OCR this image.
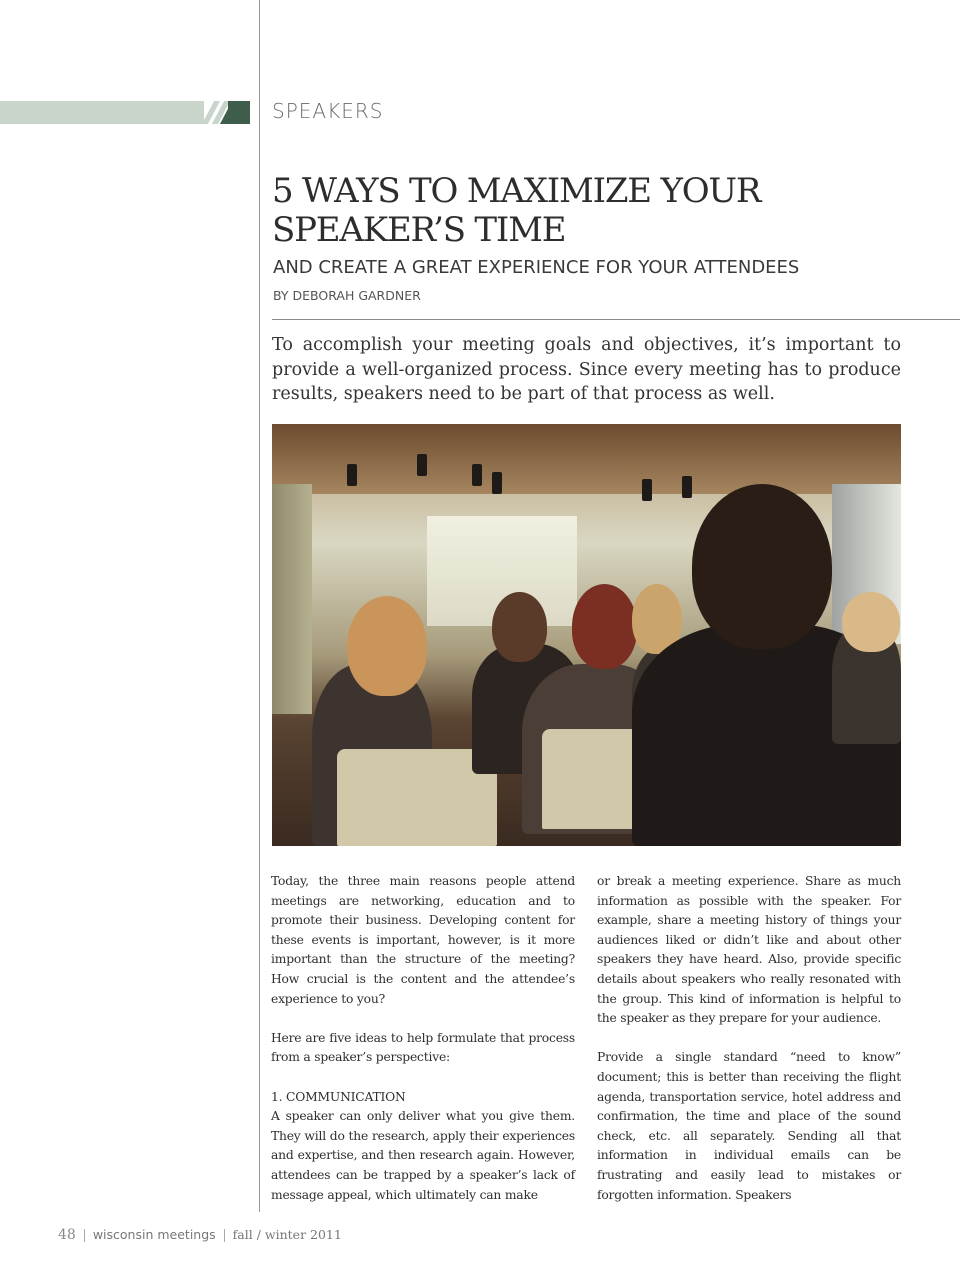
SPEAKERS
5 WAYS TO MAXIMIZE YOUR SPEAKER’S TIME
AND CREATE A GREAT EXPERIENCE FOR YOUR ATTENDEES
BY DEBORAH GARDNER
To accomplish your meeting goals and objectives, it’s important to provide a well-organized process. Since every meeting has to produce results, speakers need to be part of that process as well.

Today, the three main reasons people attend meetings are networking, education and to promote their business. Developing content for these events is important, however, is it more important than the structure of the meeting? How crucial is the content and the attendee’s experience to you?

Here are five ideas to help formulate that process from a speaker’s perspective:

1. COMMUNICATION

A speaker can only deliver what you give them. They will do the research, apply their experiences and expertise, and then research again. However, attendees can be trapped by a speaker’s lack of message appeal, which ultimately can make

or break a meeting experience. Share as much information as possible with the speaker. For example, share a meeting history of things your audiences liked or didn’t like and about other speakers they have heard. Also, provide specific details about speakers who really resonated with the group. This kind of information is helpful to the speaker as they prepare for your audience.

Provide a single standard “need to know” document; this is better than receiving the flight agenda, transportation service, hotel address and confirmation, the time and place of the sound check, etc. all separately. Sending all that information in individual emails can be frustrating and easily lead to mistakes or forgotten information. Speakers

48 wisconsin meetings fall / winter 2011
